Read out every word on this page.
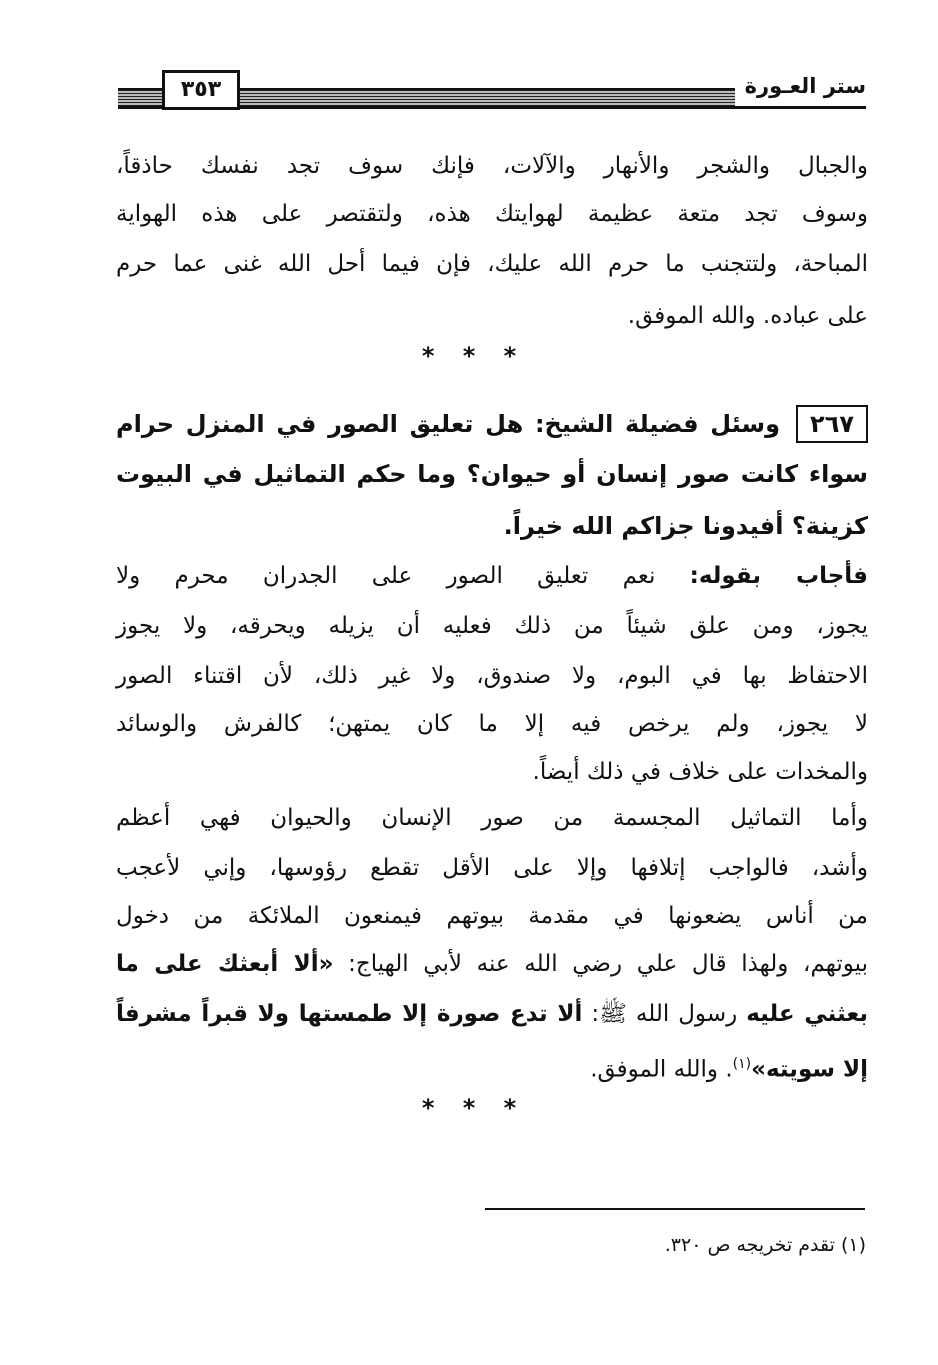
ستر العـورة
٣٥٣
والجبال والشجر والأنهار والآلات، فإنك سوف تجد نفسك حاذقاً،
وسوف تجد متعة عظيمة لهوايتك هذه، ولتقتصر على هذه الهواية
المباحة، ولتتجنب ما حرم الله عليك، فإن فيما أحل الله غنى عما حرم
على عباده. والله الموفق.
* * *
٢٦٧وسئل فضيلة الشيخ: هل تعليق الصور في المنزل حرام
سواء كانت صور إنسان أو حيوان؟ وما حكم التماثيل في البيوت
كزينة؟ أفيدونا جزاكم الله خيراً.
فأجاب بقوله: نعم تعليق الصور على الجدران محرم ولا
يجوز، ومن علق شيئاً من ذلك فعليه أن يزيله ويحرقه، ولا يجوز
الاحتفاظ بها في البوم، ولا صندوق، ولا غير ذلك، لأن اقتناء الصور
لا يجوز، ولم يرخص فيه إلا ما كان يمتهن؛ كالفرش والوسائد
والمخدات على خلاف في ذلك أيضاً.
وأما التماثيل المجسمة من صور الإنسان والحيوان فهي أعظم
وأشد، فالواجب إتلافها وإلا على الأقل تقطع رؤوسها، وإني لأعجب
من أناس يضعونها في مقدمة بيوتهم فيمنعون الملائكة من دخول
بيوتهم، ولهذا قال علي رضي الله عنه لأبي الهياج: «ألا أبعثك على ما
بعثني عليه رسول الله ﷺ: ألا تدع صورة إلا طمستها ولا قبراً مشرفاً
إلا سويته»$^{(١)}$. والله الموفق.
* * *
(١) تقدم تخريجه ص ٣٢٠.
